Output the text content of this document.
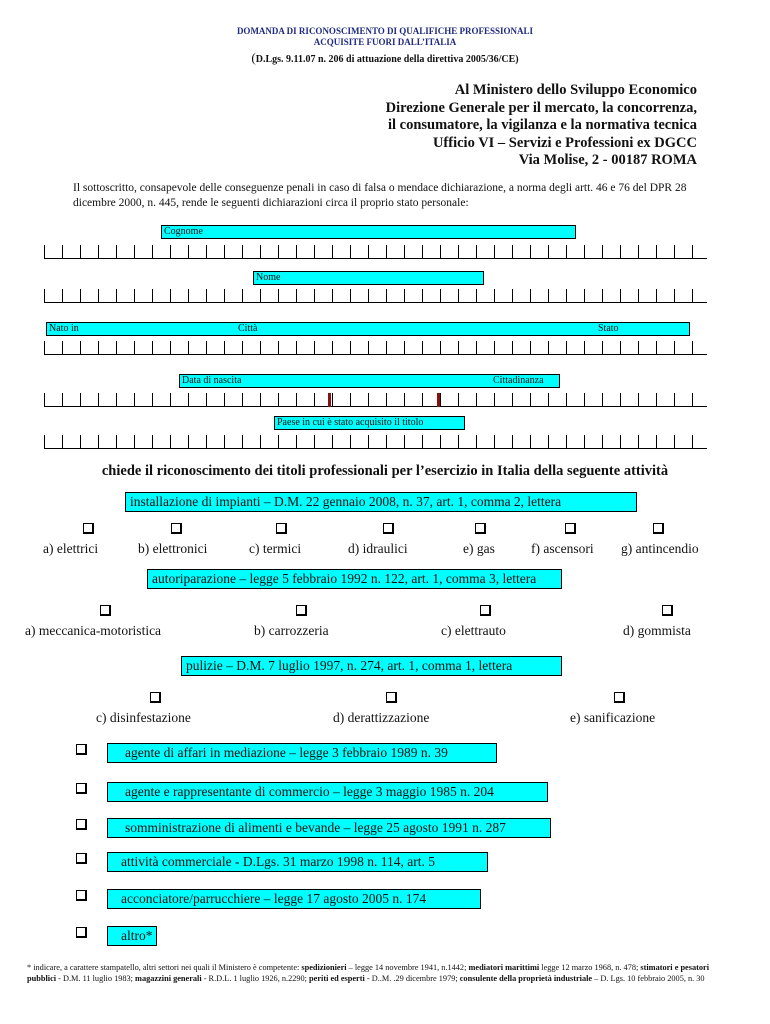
DOMANDA DI RICONOSCIMENTO DI QUALIFICHE PROFESSIONALI
ACQUISITE FUORI DALL’ITALIA
(D.Lgs. 9.11.07 n. 206 di attuazione della direttiva 2005/36/CE)
Al Ministero dello Sviluppo Economico
Direzione Generale per il mercato, la concorrenza,
il consumatore, la vigilanza e la normativa tecnica
Ufficio VI – Servizi e Professioni ex DGCC
Via Molise, 2 - 00187 ROMA
Il sottoscritto, consapevole delle conseguenze penali in caso di falsa o mendace dichiarazione, a norma degli artt. 46 e 76 del DPR 28 dicembre 2000, n. 445, rende le seguenti dichiarazioni circa il proprio stato personale:
Cognome
Nome
Nato in	Città	Stato
Data di nascita	Cittadinanza
Paese in cui è stato acquisito il titolo
chiede il riconoscimento dei titoli professionali per l’esercizio in Italia della seguente attività
installazione di impianti – D.M. 22 gennaio 2008, n. 37, art. 1, comma 2, lettera
a) elettrici	b) elettronici	c) termici	d) idraulici	e) gas	f) ascensori g) antincendio
autoriparazione – legge 5 febbraio 1992 n. 122, art. 1, comma 3, lettera
a) meccanica-motoristica	b) carrozzeria	c) elettrauto	d) gommista
pulizie – D.M. 7 luglio 1997, n. 274, art. 1, comma 1, lettera
c) disinfestazione	d) derattizzazione	e) sanificazione
agente di affari in mediazione – legge 3 febbraio 1989 n. 39
agente e rappresentante di commercio – legge 3 maggio 1985 n. 204
somministrazione di alimenti e bevande – legge 25 agosto 1991 n. 287
attività commerciale - D.Lgs. 31 marzo 1998 n. 114, art. 5
acconciatore/parrucchiere – legge 17 agosto 2005 n. 174
altro*
* indicare, a carattere stampatello, altri settori nei quali il Ministero è competente: spedizionieri – legge 14 novembre 1941, n.1442; mediatori marittimi legge 12 marzo 1968, n. 478; stimatori e pesatori pubblici - D.M. 11 luglio 1983; magazzini generali - R.D.L. 1 luglio 1926, n.2290; periti ed esperti - D..M. .29 dicembre 1979; consulente della proprietà industriale – D. Lgs. 10 febbraio 2005, n. 30
